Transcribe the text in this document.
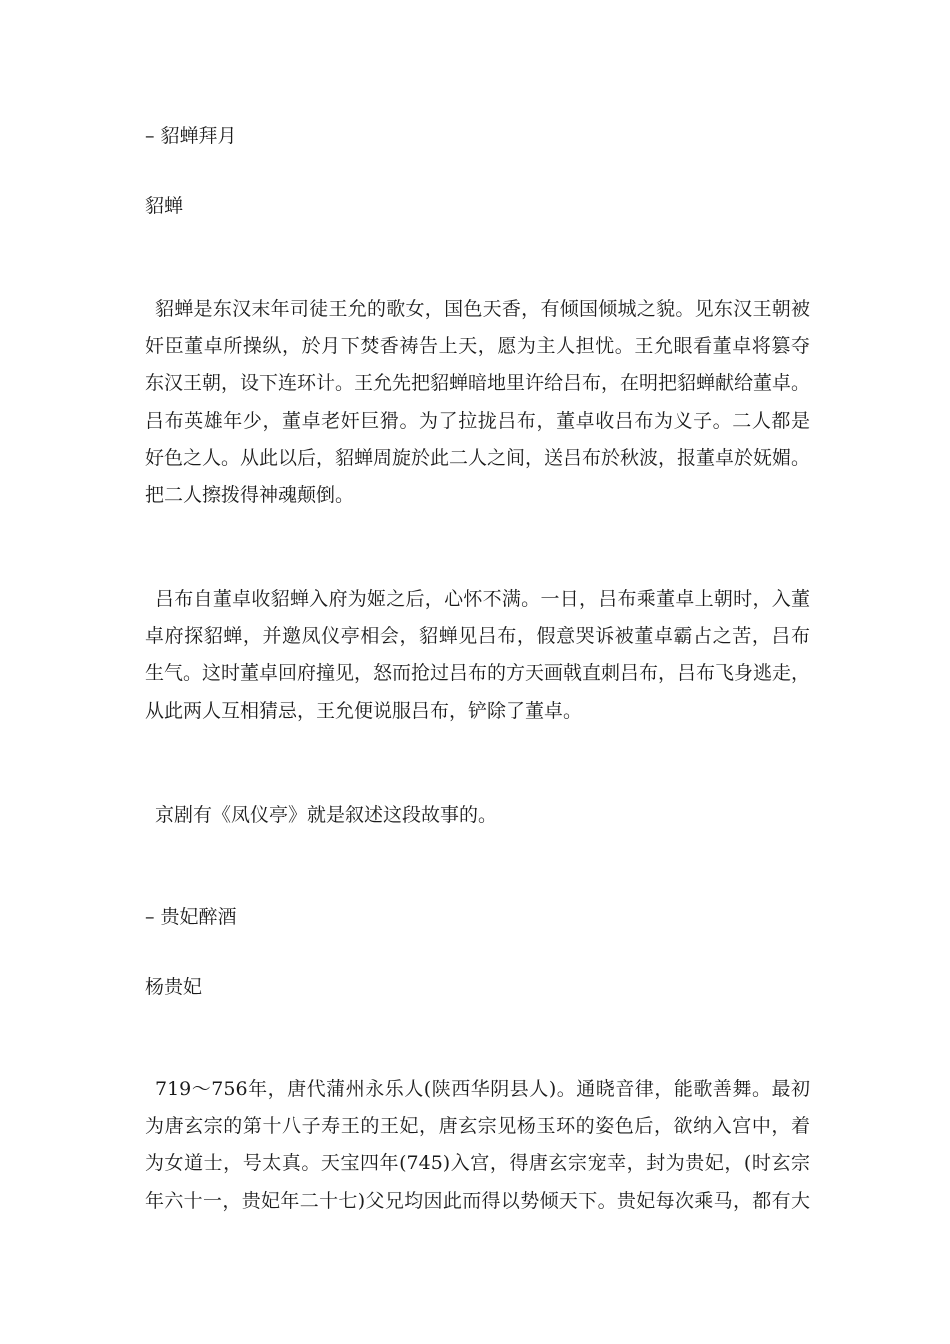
– 貂蝉拜月
貂蝉
貂蝉是东汉末年司徒王允的歌女，国色天香，有倾国倾城之貌。见东汉王朝被
奸臣董卓所操纵，於月下焚香祷告上天，愿为主人担忧。王允眼看董卓将篡夺
东汉王朝，设下连环计。王允先把貂蝉暗地里许给吕布，在明把貂蝉献给董卓。
吕布英雄年少，董卓老奸巨猾。为了拉拢吕布，董卓收吕布为义子。二人都是
好色之人。从此以后，貂蝉周旋於此二人之间，送吕布於秋波，报董卓於妩媚。
把二人擦拨得神魂颠倒。
吕布自董卓收貂蝉入府为姬之后，心怀不满。一日，吕布乘董卓上朝时，入董
卓府探貂蝉，并邀凤仪亭相会，貂蝉见吕布，假意哭诉被董卓霸占之苦，吕布
生气。这时董卓回府撞见，怒而抢过吕布的方天画戟直刺吕布，吕布飞身逃走，
从此两人互相猜忌，王允便说服吕布，铲除了董卓。
京剧有《凤仪亭》就是叙述这段故事的。
– 贵妃醉酒
杨贵妃
719～756年，唐代蒲州永乐人(陕西华阴县人)。通晓音律，能歌善舞。最初
为唐玄宗的第十八子寿王的王妃，唐玄宗见杨玉环的姿色后，欲纳入宫中，着
为女道士，号太真。天宝四年(745)入宫，得唐玄宗宠幸，封为贵妃，(时玄宗
年六十一，贵妃年二十七)父兄均因此而得以势倾天下。贵妃每次乘马，都有大
